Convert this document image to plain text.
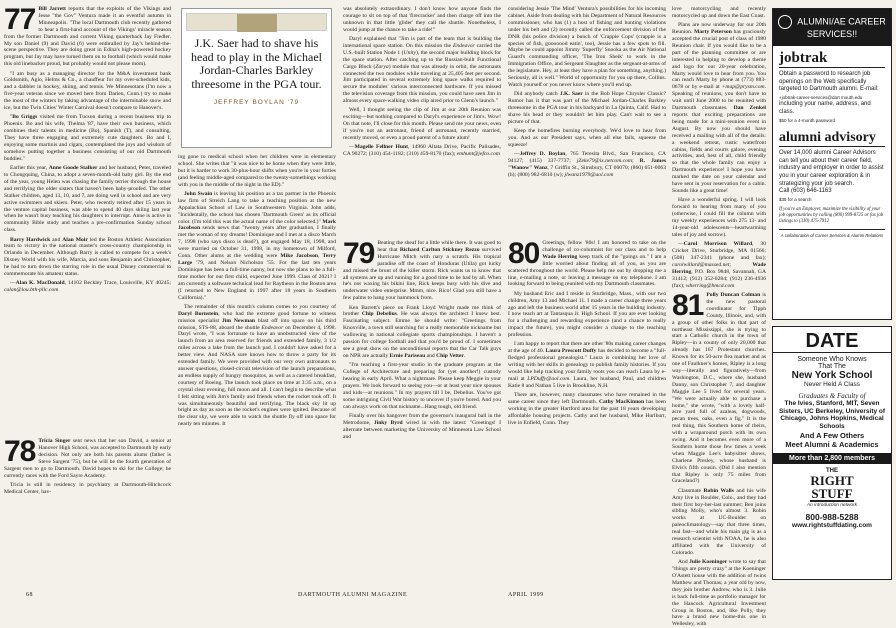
77 Bill Jarrett reports that the exploits of the Vikings and Jesse "the Gov" Ventura made it an eventful autumn in Minneapolis. "The local Dartmouth club recently gathered to hear a first-hand account of the Vikings' miracle season from the former Dartmouth and current Viking quarterback Jay Fiedler. My son Daniel (9) and David (6) were enthralled by Jay's behind-the-scene perspective. They are doing great in Edina's high-powered hockey program, but Jay may have turned them on to football (which would make this old linebacker proud, but probably would not please mom).

"I am busy as a managing director for the M&A investment bank Goldsmith, Agio, Helms & Co., a chauffeur for my over-scheduled kids, and a dabbler in hockey, skiing, and tennis. We Minnesotans (I'm now a five-year veteran since we moved here from Darien, Conn.) try to make the most of the winters by taking advantage of the interminable snow and ice, but the Twin Cities' Winter Carnival doesn't compare to Hanover's.

"Bo Griggs visited me from Tucson during a recent business trip to Phoenix. Bo and his wife, Thelma '87, have their own business, which combines their talents in medicine (Bo), Spanish (T), and consulting. They have three engaging and extremely cute daughters. Bo and I, enjoying some martinis and cigars, contemplated the joys and wisdom of somehow putting together a business consisting of our old Dartmouth buddies."

Earlier this year, Anne Goode Stalker and her husband, Peter, traveled to Chongquing, China, to adopt a seven-month-old baby girl. By the end of the year, young Helen was chasing the family terrier through the house and terrifying the older sisters that haven't been baby-proofed. The other Stalker children, aged 13, 10, and 7, are doing well in school and are very active swimmers and skiers. Peter, who recently retired after 15 years in the venture capital business, was able to spend 40 days skiing last year when he wasn't busy teaching his daughters to interrupt. Anne is active in community Bible study and teaches a pre-confirmation Sunday school class.

Barry Hardwick and Alan Moir led the Boston Athletic Association team to victory in the national master's cross-country championship in Orlando in December. Although Barry is called to compete for a week's Disney World with his wife, Marcia, and sons Benjamin and Christopher, he had to turn down the starring role in the usual Disney commercial to commemorate his amateur status.

—Alan K. MacDonald, 14102 Beckley Trace, Louisville, KY 40245; calan@lou.bth-pllc.com

78 Tricia Singer sent news that her son David, a senior at Hanover High School, was accepted to Dartmouth by early decision. Not only are both his parents alums (father is Steve Sargent '75), but he will be the fourth generation of Sargent men to go to Dartmouth. David hopes to ski for the College; he currently races with the Ford Sayre Academy.

Tricia is still in residency in psychiatry at Dartmouth-Hitchcock Medical Center, hav-

J.K. Saer had to shave his head to play in the Michael Jordan-Charles Barkley threesome in the PGA tour.
JEFFREY BOYLAN '79

ing gone to medical school when her children were in elementary school. She writes that "it was nice to be home when they were little, but it is harder to work 30-plus-hour shifts when you're in your forties (and feeling middle-aged compared to the twenty-somethings working with you in the middle of the night in the ED)."

John Swain is leaving his position as a tax partner in the Phoenix law firm of Streich Lang to take a teaching position at the new Appalachian School of Law in Southwestern Virginia. John adds, "Incidentally, the school has chosen 'Dartmouth Green' as its official color. (I'm told this was the actual name of the color selected.)" Mark Jacobson sends news that "twenty years after graduation, I finally met the woman of my dreams! Dominique and I met at a disco March 7, 1998 (who says disco is dead?), got engaged May 18, 1998, and were married on October 31, 1998, in my hometown of Milford, Conn. Other alums at the wedding were Mike Jacobson, Terry Large '79, and Nelson Nicholson '55. For the last ten years Dominique has been a full-time nanny, but now she plans to be a full-time mother for our first child, expected June 1999. Class of 2021? I am currently a software technical lead for Raytheon in the Boston area (I returned to New England in 1997 after 18 years in Southern California)."

The remainder of this month's column comes to you courtesy of Daryl Bornstein, who had the extreme good fortune to witness mission specialist Jim Newman blast off into space on his third mission, STS-88, aboard the shuttle Endeavor on December 4, 1998. Daryl wrote, "I was fortunate to have an unobstructed view of the launch from an area reserved for friends and extended family, 3 1/2 miles across a lake from the launch pad. I couldn't have asked for a better view. And NASA sure knows how to throw a party for its extended family. We were provided with our very own astronauts to answer questions, closed-circuit television of the launch preparations, an endless supply of hungry mosquitos, as well as a catered breakfast, courtesy of Boeing. The launch took place on time at 3:35 a.m., on a crystal clear evening, full moon and all. I can't begin to describe what I felt sitting with Jim's family and friends when the rocket took off. It was simultaneously beautiful and terrifying. The black sky lit up bright as day as soon as the rocket's engines were ignited. Because of the clear sky, we were able to watch the shuttle fly off into space for nearly ten minutes. It

was absolutely extraordinary. I don't know how anyone finds the courage to sit on top of that 'firecracker' and then charge off into the unknown in that little 'glider' they call the shuttle. Nonetheless, I would jump at the chance to take a ride!"

Daryl explained that "Jim is part of the team that is building the international space station. On this mission the Endeavor carried the U.S.-built Station Node 1 (Unity), the second major building block for the space station. After catching up to the Russian-built Functional Cargo Block (Zarya) module that was already in orbit, the astronauts connected the two modules while traveling at 25,405 feet per second. Jim participated in several extremely long space walks required to secure the modules' various interconnected hardware. If you missed the television coverage from this mission, you could have seen Jim in almost every space-walking video clip aired prior to Glenn's launch."

Well, I thought seeing the clip of Jim at our 20th Reunion was exciting—but nothing compared to Daryl's experience or Jim's. Wow! On that note, I'll close for this month. Please send me your news, even if you're not an astronaut, friend of astronaut, recently married, recently moved, or even a proud parent of a future alum!

—Magelle Fellner Hunt, 14960 Altata Drive, Pacific Palisades, CA 90272; (310) 454-1182; (310) 459-8170 (fax); emhunt@jefco.com

79 Beating the sheaf for a little while there. It was good to hear that Richard Carlton Stickney Rezzo survived Hurricane Mitch with nary a scratch. His tropical paradise off the coast of Honduras (Utila) got lucky and missed the brunt of the killer storm. Rick wants us to know that all systems are up and running for a good time to be had by all. When he's not waxing his bikini line, Rick keeps busy with his dive and underwater video enterprise. Mmm, nice. Rico! Glad you still have a few palms to hang your hammock from.

Ken Barrett's piece on Frank Lloyd Wright made me think of brother Chip Debelius. He was always the architect I knew best. Fascinating subject. Emme he should write: "Greetings from Knoxville, a town still searching for a really memorable nickname but wallowing in national collegiate sports championships. I haven't a passion for college football and that you'd be proud of. I sometimes see a great show on the unconditional reports that the Car Talk guys on NPR are actually Ernie Pariseau and Chip Vetter.

"I'm teaching a first-year studio in the graduate program at the College of Architecture and preparing for (yet another!) custody hearing in early April. What a nightmare. Please keep Meggie in your prayers. We look forward to seeing you—or at least your nice spouses and kids—at reunions." In my prayers till I be, Debelius. You've got some intriguing Civil War history to uncover if you're bored. And you can always work on that nickname...Hang tough, old friend.

Finally over his hangover from the governor's inaugural ball in the Metrodome, Jinky Byrd wired in with the latest: "Greetings! I alternate between marketing the University of Minnesota Law School and

considering Jessie 'The Mind' Ventura's possibilities for his incoming cabinet. Aside from dealing with his Department of Natural Resources commissioner, who has (1) a host of fishing and hunting violations under his belt and (2) recently called the enforcement division of the DNR (his police division) a bunch of 'Crappie Cops' (crappie is a species of fish, gooooood eatin', too), Jessie has a few spots to fill. Maybe he could appoint Jimmy 'Superfly' Snooka as the Air National Guard's commanding officer, 'The Iron Sheik' to work in the Immigration Office, and Sergeant Slaughter as the sergeant-at-arms of the legislature. Hey, at least they have a plan for something, anything.) Seriously, all is well." World of opportunity for you up there, Collins. Watch yourself or you never know where you'll end up.

Did anybody catch J.K. Saer in the Bob Hope Chrysler Classic? Rumor has it that was part of the Michael Jordan-Charles Barkley threesome in the PGA tour in his backyard in La Quinta, Calif. Had to shave his head or they wouldn't let him play. Can't wait to see a picture of that.

Keep the homefires burning everybody. We'd love to hear from you. And as our President says, when all else fails, squeeze the squeeze!

—Jeffrey D. Boylan, 765 Teresita Blvd., San Francisco, CA 94127; (415) 337-7737; jZeke79@ix.netcom.com; R. James "Wanow" Wanz, 7 Griffin St., Simsbury, CT 06070; (860) 651-0063 (h); (800) 982-6810 (w); jlwanz1979@aol.com

80 Greetings, fellow '80s! I am honored to take on the challenge of co-columnist for our class and to help Wade Herring keep track of the "goings on." I am a little worried about finding all of you, as you are scattered throughout the world. Please help me out by dropping me a line, e-mailing a note, or leaving a message on my telephone. I am looking forward to being reunited with my Dartmouth classmates.

My husband Eric and I reside in Sturbridge, Mass., with our two children, Amy 13 and Michael 11. I made a career change three years ago and left the business world after 15 years in the building industry. I now teach art at Tantasqua Jr. High School. If you are ever looking for a challenging and rewarding experience (and a chance to really impact the future), you might consider a change to the teaching profession.

I am happy to report that there are other '80s making career changes at the age of 40. Laura Prescott Duffy has decided to become a "full-fledged professional genealogist." Laura is combining her love of writing with her skills in genealogy to publish family histories. If you would like help tracking your family roots you can reach Laura by e-mail at LPDuffy@aol.com. Laura, her husband, Paul, and children Katie 8 and Nathan 5 live in Brookline, N.H.

There are, however, many classmates who have remained in the same career since they left Dartmouth. Cathy MacKinnon has been working in the greater Hartford area for the past 18 years developing affordable housing projects. Cathy and her husband, Mike Hurlburt, live in Enfield, Conn. They

love motorcycling and recently motorcycled up and down the East Coast.

Plans are now underway for our 20th Reunion. Marty Peterson has graciously accepted the crucial post of class of 1980 Reunion chair. If you would like to be a part of the planning committee or are interested in helping to develop a theme and logo for our 20-year celebration, Marty would love to hear from you. You can reach Marty by phone at (773) 883-0678 or by e-mail at +map@prysm.com. Speaking of reunions, you don't have to wait until June 2000 to be reunited with Dartmouth classmates. Dan Zenkel reports that exciting preparations are being made for a mini-reunion event in August. By now you should have received a mailing with all of the details: a weekend retreat, rustic waterfront cabins, fields and courts galore, evening activities, and, best of all, child friendly so that the whole family can enjoy a Dartmouth experience! I hope you have marked the date on your calendar and have sent in your reservation for a cabin. Sounds like a great time!

Have a wonderful spring. I will look forward to hearing from many of you (otherwise, I could fill the column with my weekly experiences with 275 13- and 14-year-old adolescents—heartwarming tales of joy and sorrow).

—Carol Morrison Willard, 30 Cricket Drive, Sturbridge, MA 01566; (508) 347-2341 (phone and fax); carolwillard@massed.net; Wade Herring, P.O. Box 9848, Savannah, GA 31412; (912) 352-0284; (912) 236-4936 (fax); wherring@hmcd.com

81 Polly Duncan Colman is the new pastoral coordinator for Tipph County, Illinois, and, with a group of other folks in that part of northeast Mississippi, she is trying to start a Catholic church in the town of Ripley—in a county of only 20,000 that already has 167 Protestant churches. Known for its 50-acre flea market and as one of Faulkner's homes, Ripley is a long way—literally and figuratively—from Washington, D.C., where she, husband Danny, son Christopher 7, and daughter Maggie Lee 5 lived for several years. "We were actually able to purchase a home," she wrote, "with a lovely half-acre yard full of azaleas, dogwoods, pecan trees, oaks, even a fig." It is the real thing, this Southern home of theirs, with a wraparound porch with its own swing. And it becomes even more of a Southern home those few times a week when Maggie Lee's babysitter shows, Charlene Presley, whose husband is Elvis's fifth cousin. (Did I also mention that Ripley is only 75 miles from Graceland?)

Classmate Robin Walls and his wife Amy live in Boulder, Colo., and they had their first boy-her-last summer; Ben joins sibling Molly, who's almost 3. Robin works at UC-Boulder on paleoclimatology—say that three times, real fast—and while his main gig is as a research scientist with NOAA, he is also affiliated with the University of Colorado.

And Julie Koeninger wrote to say that "things are pretty crazy" at the Koeninger O'Astett house with the addition of twins Matthew and Thomas; a year old by now, they join brother Andrew, who is 3. Julie is back full-time as portfolio manager for the Hancock Agricultural Investment Group in Boston, and, like Polly, they have a brand new home-this one in Wellesley, with

ALUMNI/AE CAREER SERVICES!!
jobtrak

Obtain a password to research job openings on the Web specifically targeted to Dartmouth alumni. E-mail:

+jobtrak-career-services@dart mouth.edu

including your name, address, and class.

$50 for a 4-month password

alumni advisory

Over 14,000 alumni Career Advisors can tell you about their career field, industry and employer in order to assist you in your career exploration & in strategizing your job search.

Call (603) 646-1163

$35 for a search

If you're an Employer, maximize the visibility of your job opportunities by calling (800) 999-8725 or fax job listings to (310) 475-7912

A collaboration of Career Services & Alumni Relations

DATE
Someone Who Knows
That The
New York School
Never Held A Class
Graduates & Faculty of
The Ivies, Stanford, MIT, Seven Sisters, UC Berkeley, University of Chicago, Johns Hopkins, Medical Schools
And A Few Others
Meet Alumni & Academics
More than 2,800 members
THE
RIGHT
STUFF
An introduction network
800-988-5288
www.rightstuffdating.com
68	DARTMOUTH ALUMNI MAGAZINE	APRIL 1999
